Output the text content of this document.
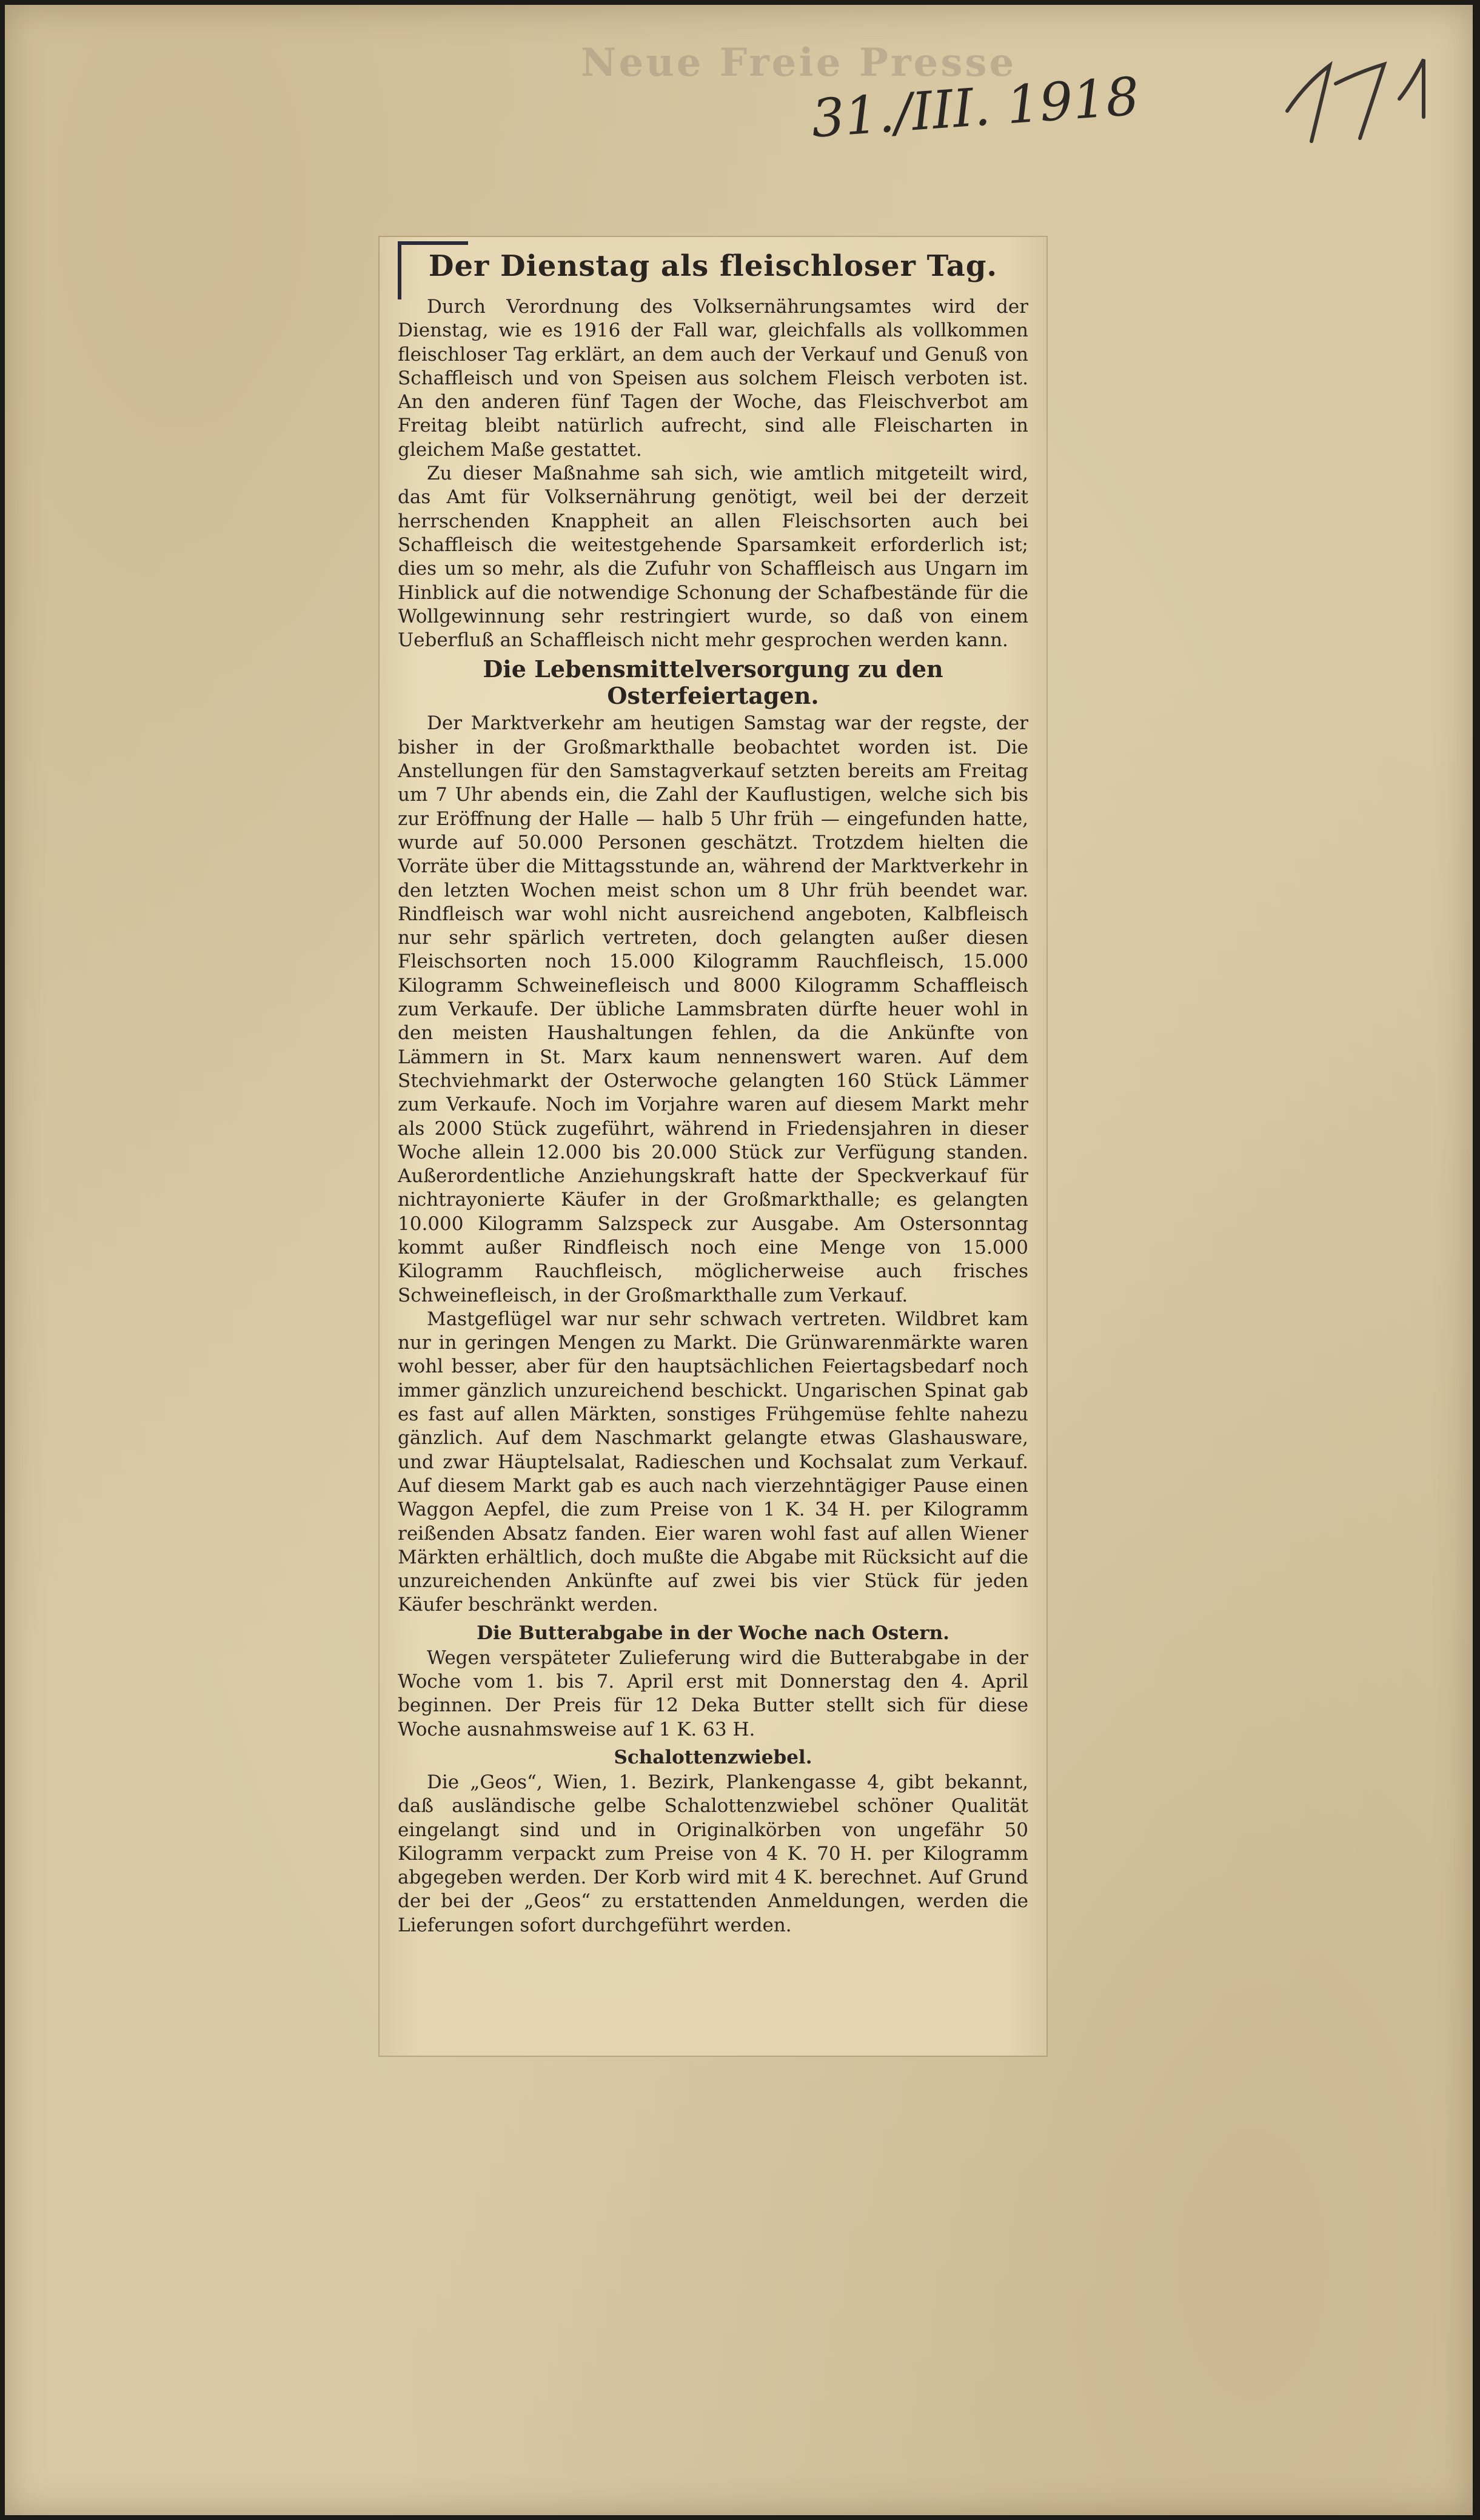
Neue Freie Presse
31./III. 1918
Der Dienstag als fleischloser Tag.

Durch Verordnung des Volksernährungsamtes wird der Dienstag, wie es 1916 der Fall war, gleichfalls als vollkommen fleischloser Tag erklärt, an dem auch der Verkauf und Genuß von Schaffleisch und von Speisen aus solchem Fleisch verboten ist. An den anderen fünf Tagen der Woche, das Fleischverbot am Freitag bleibt natürlich aufrecht, sind alle Fleischarten in gleichem Maße gestattet.

Zu dieser Maßnahme sah sich, wie amtlich mitgeteilt wird, das Amt für Volksernährung genötigt, weil bei der derzeit herrschenden Knappheit an allen Fleischsorten auch bei Schaffleisch die weitestgehende Sparsamkeit erforderlich ist; dies um so mehr, als die Zufuhr von Schaffleisch aus Ungarn im Hinblick auf die notwendige Schonung der Schafbestände für die Wollgewinnung sehr restringiert wurde, so daß von einem Ueberfluß an Schaffleisch nicht mehr gesprochen werden kann.

Die Lebensmittelversorgung zu den Osterfeiertagen.

Der Marktverkehr am heutigen Samstag war der regste, der bisher in der Großmarkthalle beobachtet worden ist. Die Anstellungen für den Samstagverkauf setzten bereits am Freitag um 7 Uhr abends ein, die Zahl der Kauflustigen, welche sich bis zur Eröffnung der Halle — halb 5 Uhr früh — eingefunden hatte, wurde auf 50.000 Personen geschätzt. Trotzdem hielten die Vorräte über die Mittagsstunde an, während der Marktverkehr in den letzten Wochen meist schon um 8 Uhr früh beendet war. Rindfleisch war wohl nicht ausreichend angeboten, Kalbfleisch nur sehr spärlich vertreten, doch gelangten außer diesen Fleischsorten noch 15.000 Kilogramm Rauchfleisch, 15.000 Kilogramm Schweinefleisch und 8000 Kilogramm Schaffleisch zum Verkaufe. Der übliche Lammsbraten dürfte heuer wohl in den meisten Haushaltungen fehlen, da die Ankünfte von Lämmern in St. Marx kaum nennenswert waren. Auf dem Stechviehmarkt der Osterwoche gelangten 160 Stück Lämmer zum Verkaufe. Noch im Vorjahre waren auf diesem Markt mehr als 2000 Stück zugeführt, während in Friedensjahren in dieser Woche allein 12.000 bis 20.000 Stück zur Verfügung standen. Außerordentliche Anziehungskraft hatte der Speckverkauf für nichtrayonierte Käufer in der Großmarkthalle; es gelangten 10.000 Kilogramm Salzspeck zur Ausgabe. Am Ostersonntag kommt außer Rindfleisch noch eine Menge von 15.000 Kilogramm Rauchfleisch, möglicherweise auch frisches Schweinefleisch, in der Großmarkthalle zum Verkauf.

Mastgeflügel war nur sehr schwach vertreten. Wildbret kam nur in geringen Mengen zu Markt. Die Grünwarenmärkte waren wohl besser, aber für den hauptsächlichen Feiertagsbedarf noch immer gänzlich unzureichend beschickt. Ungarischen Spinat gab es fast auf allen Märkten, sonstiges Frühgemüse fehlte nahezu gänzlich. Auf dem Naschmarkt gelangte etwas Glashausware, und zwar Häuptelsalat, Radieschen und Kochsalat zum Verkauf. Auf diesem Markt gab es auch nach vierzehntägiger Pause einen Waggon Aepfel, die zum Preise von 1 K. 34 H. per Kilogramm reißenden Absatz fanden. Eier waren wohl fast auf allen Wiener Märkten erhältlich, doch mußte die Abgabe mit Rücksicht auf die unzureichenden Ankünfte auf zwei bis vier Stück für jeden Käufer beschränkt werden.

Die Butterabgabe in der Woche nach Ostern.

Wegen verspäteter Zulieferung wird die Butterabgabe in der Woche vom 1. bis 7. April erst mit Donnerstag den 4. April beginnen. Der Preis für 12 Deka Butter stellt sich für diese Woche ausnahmsweise auf 1 K. 63 H.

Schalottenzwiebel.

Die „Geos“, Wien, 1. Bezirk, Plankengasse 4, gibt bekannt, daß ausländische gelbe Schalottenzwiebel schöner Qualität eingelangt sind und in Originalkörben von ungefähr 50 Kilogramm verpackt zum Preise von 4 K. 70 H. per Kilogramm abgegeben werden. Der Korb wird mit 4 K. berechnet. Auf Grund der bei der „Geos“ zu erstattenden Anmeldungen, werden die Lieferungen sofort durchgeführt werden.
